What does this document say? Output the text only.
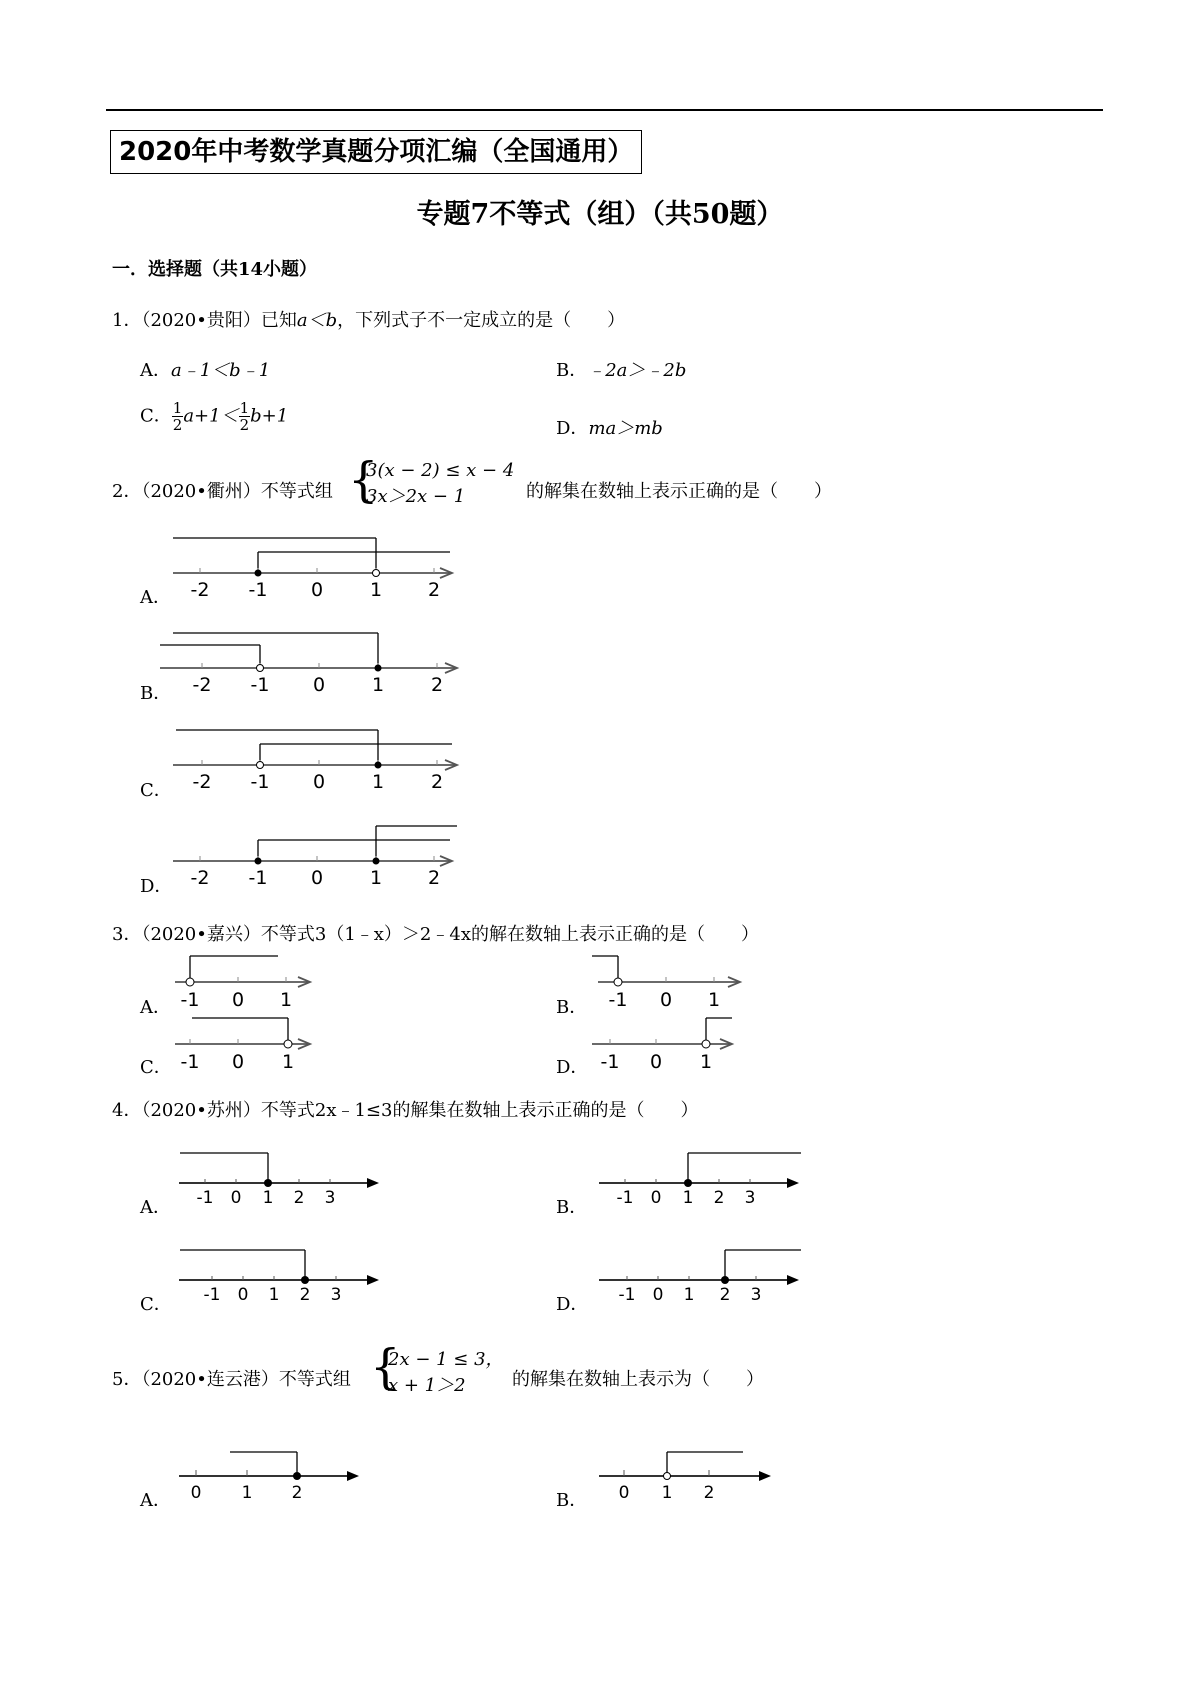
2020年中考数学真题分项汇编（全国通用）
专题7不等式（组）（共50题）
一．选择题（共14小题）
1．（2020•贵阳）已知a＜b，下列式子不一定成立的是（　　）
A．a﹣1＜b﹣1	B．﹣2a＞﹣2b
C． $\frac{1}{2} a+1< \frac{1}{2} b+1$
D．ma＞mb
2．（2020•衢州）不等式组 {
3(x − 2) ≤ x − 4
3x＞2x − 1	的解集在数轴上表示正确的是（　　）
A． -2 -1 0 1 2
B． -2 -1 0 1 2
C． -2 -1 0 1 2
D． -2 -1 0 1 2
3．（2020•嘉兴）不等式3（1﹣x）＞2﹣4x的解在数轴上表示正确的是（　　）
A． -1 0 1	B． -1 0 1
C． -1 0 1	D． -1 0 1
4．（2020•苏州）不等式2x﹣1≤3的解集在数轴上表示正确的是（　　）
A． -1 0 1 2 3	B． -1 0 1 2 3
C． -1 0 1 2 3	D． -1 0 1 2 3
5．（2020•连云港）不等式组 {
2x − 1 ≤ 3，
x + 1＞2	的解集在数轴上表示为（　　）
A． 0 1 2	B． 0 1 2
